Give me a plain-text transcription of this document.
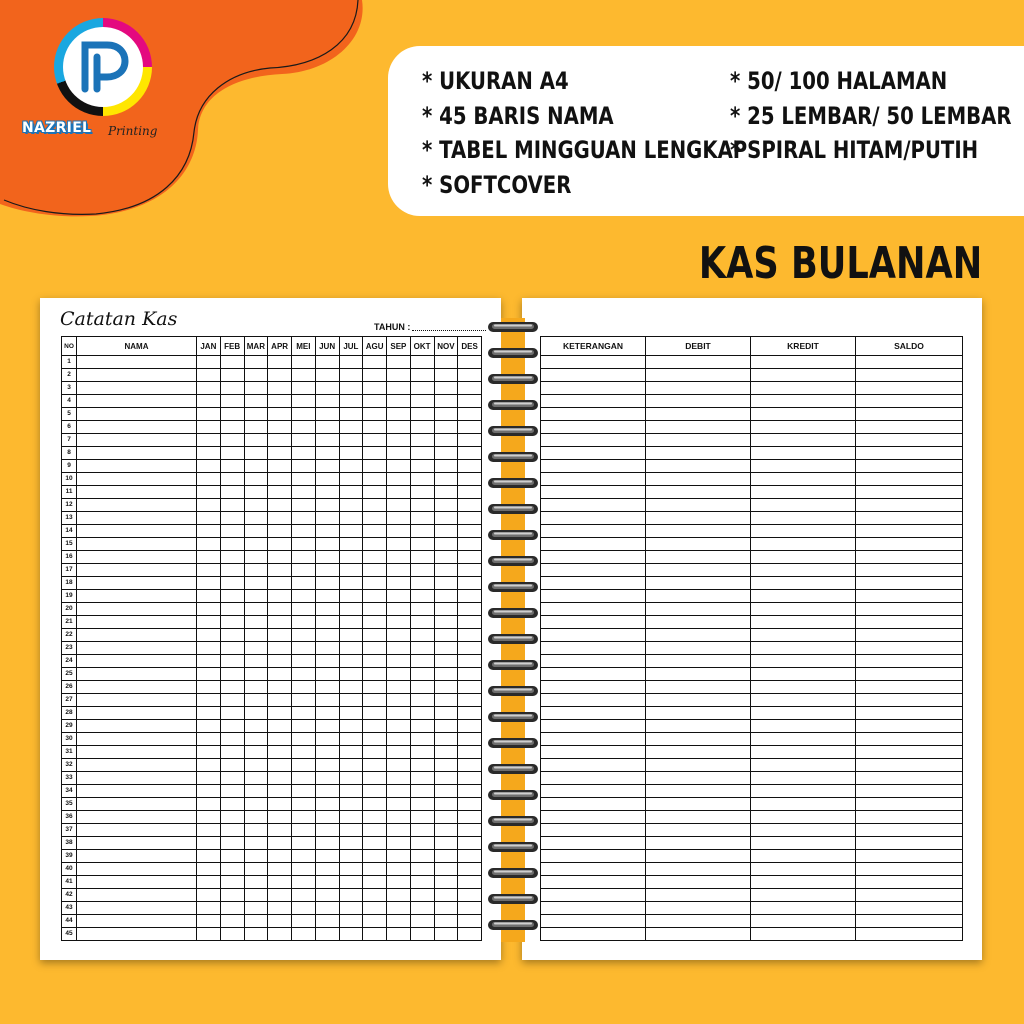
NAZRIEL Printing
* UKURAN A4
* 45 BARIS NAMA
* TABEL MINGGUAN LENGKAP
* SOFTCOVER
* 50/ 100 HALAMAN
* 25 LEMBAR/ 50 LEMBAR
* SPIRAL HITAM/PUTIH
KAS BULANAN
Catatan Kas	TAHUN :
NO	NAMA	JAN	FEB	MAR	APR	MEI	JUN	JUL	AGU	SEP	OKT	NOV	DES
1													
2													
3													
4													
5													
6													
7													
8													
9													
10													
11													
12													
13													
14													
15													
16													
17													
18													
19													
20													
21													
22													
23													
24													
25													
26													
27													
28													
29													
30													
31													
32													
33													
34													
35													
36													
37													
38													
39													
40													
41													
42													
43													
44													
45													
KETERANGAN	DEBIT	KREDIT	SALDO
